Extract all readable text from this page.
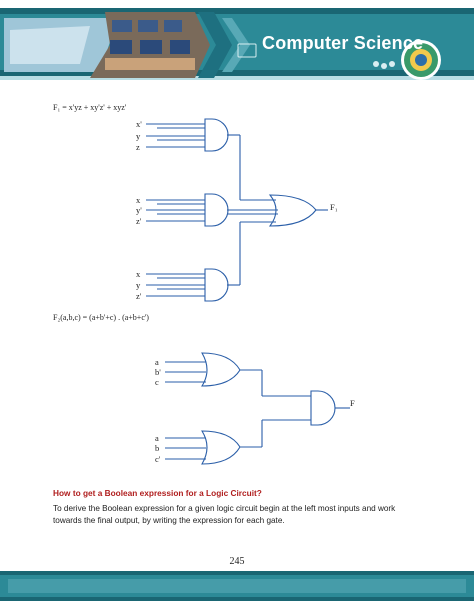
Computer Science
F₁ = x'yz + xy'z' + xyz'
x'
y
z
x
y'
z'
x
y
z'
F₁
F₂(a,b,c) = (a+b'+c) . (a+b+c')
a
b'
c
a
b
c'
F
How to get a Boolean expression for a Logic Circuit?
To derive the Boolean expression for a given logic circuit begin at the left most inputs and work towards the final output, by writing the expression for each gate.
245
